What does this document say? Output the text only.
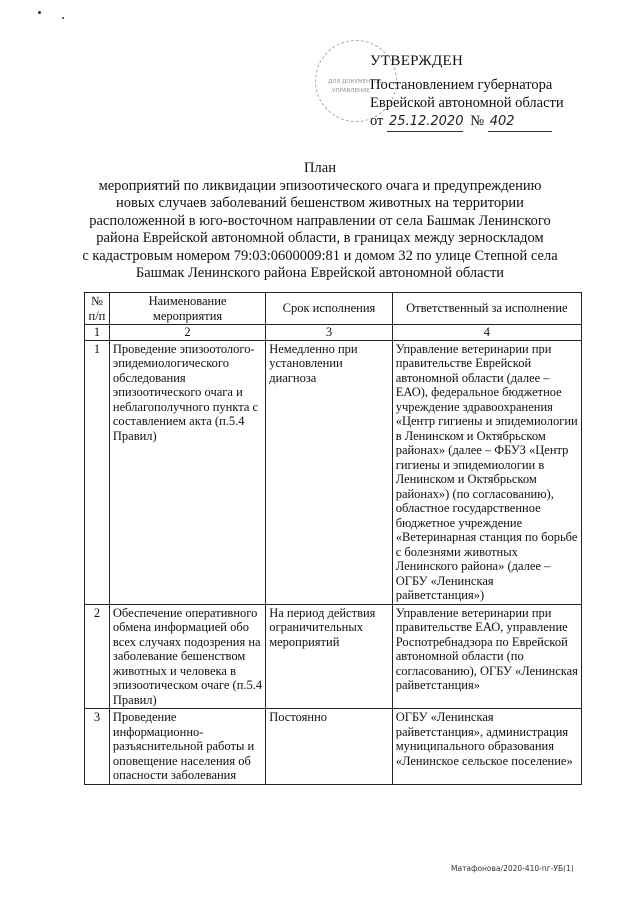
ДЛЯ ДОКУМЕНТОВ
УПРАВЛЕНИЕ
УТВЕРЖДЕН
Постановлением губернатора
Еврейской автономной области
от
25.12.2020
№
402
План
мероприятий по ликвидации эпизоотического очага и предупреждению
новых случаев заболеваний бешенством животных на территории
расположенной в юго-восточном направлении от села Башмак Ленинского
района Еврейской автономной области, в границах между зерноскладом
с кадастровым номером 79:03:0600009:81 и домом 32 по улице Степной села
Башмак Ленинского района Еврейской автономной области
№ п/п	Наименование мероприятия	Срок исполнения	Ответственный за исполнение
1	2	3	4
1	Проведение эпизоотолого-эпидемиологического обследования эпизоотического очага и неблагополучного пункта с составлением акта (п.5.4 Правил)	Немедленно при установлении диагноза	Управление ветеринарии при правительстве Еврейской автономной области (далее – ЕАО), федеральное бюджетное учреждение здравоохранения «Центр гигиены и эпидемиологии в Ленинском и Октябрьском районах» (далее – ФБУЗ «Центр гигиены и эпидемиологии в Ленинском и Октябрьском районах») (по согласованию), областное государственное бюджетное учреждение «Ветеринарная станция по борьбе с болезнями животных Ленинского района» (далее – ОГБУ «Ленинская райветстанция»)
2	Обеспечение оперативного обмена информацией обо всех случаях подозрения на заболевание бешенством животных и человека в эпизоотическом очаге (п.5.4 Правил)	На период действия ограничительных мероприятий	Управление ветеринарии при правительстве ЕАО, управление Роспотребнадзора по Еврейской автономной области (по согласованию), ОГБУ «Ленинская райветстанция»
3	Проведение информационно-разъяснительной работы и оповещение населения об опасности заболевания	Постоянно	ОГБУ «Ленинская райветстанция», администрация муниципального образования «Ленинское сельское поселение»
Матафонова/2020-410-пг-УБ(1)
